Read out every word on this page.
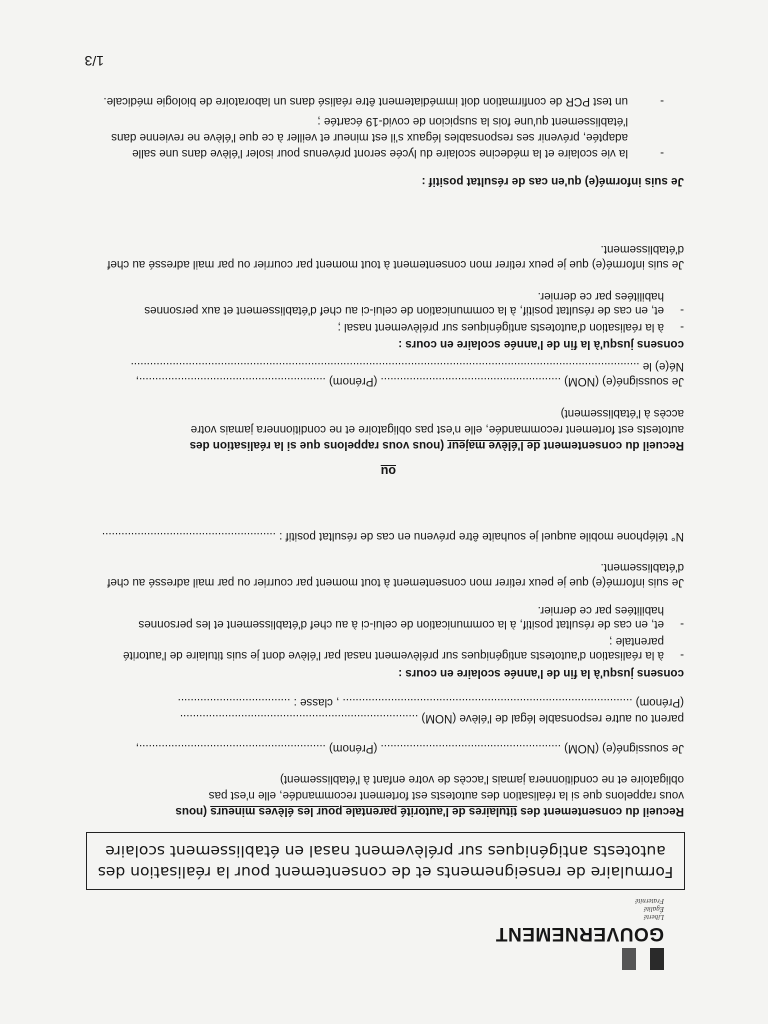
GOUVERNEMENT
Liberté
Égalité
Fraternité
Formulaire de renseignements et de consentement pour la réalisation des
autotests antigéniques sur prélèvement nasal en établissement scolaire
Recueil du consentement des titulaires de l'autorité parentale pour les élèves mineurs (nous
vous rappelons que si la réalisation des autotests est fortement recommandée, elle n'est pas
obligatoire et ne conditionnera jamais l'accès de votre enfant à l'établissement)
Je soussigné(e) (NOM) ........................................................ (Prénom) ..........................................................,
parent ou autre responsable légal de l'élève (NOM) ..........................................................................
(Prénom) .......................................................................................... , classe : ...................................
consens jusqu'à la fin de l'année scolaire en cours :
-
à la réalisation d'autotests antigéniques sur prélèvement nasal par l'élève dont je suis titulaire de l'autorité
parentale ;
-
et, en cas de résultat positif, à la communication de celui-ci à au chef d'établissement et les personnes
habilitées par ce dernier.
Je suis informé(e) que je peux retirer mon consentement à tout moment par courrier ou par mail adressé au chef
d'établissement.
N° téléphone mobile auquel je souhaite être prévenu en cas de résultat positif : ......................................................
ou
Recueil du consentement de l'élève majeur (nous vous rappelons que si la réalisation des
autotests est fortement recommandée, elle n'est pas obligatoire et ne conditionnera jamais votre
accès à l'établissement)
Je soussigné(e) (NOM) ........................................................ (Prénom) ..........................................................,
Né(e) le ..............................................................................................................................................................
consens jusqu'à la fin de l'année scolaire en cours :
-
à la réalisation d'autotests antigéniques sur prélèvement nasal ;
-
et, en cas de résultat positif, à la communication de celui-ci au chef d'établissement et aux personnes
habilitées par ce dernier.
Je suis informé(e) que je peux retirer mon consentement à tout moment par courrier ou par mail adressé au chef
d'établissement.
Je suis informé(e) qu'en cas de résultat positif :
-
la vie scolaire et la médecine scolaire du lycée seront prévenus pour isoler l'élève dans une salle
adaptée, prévenir ses responsables légaux s'il est mineur et veiller à ce que l'élève ne revienne dans
l'établissement qu'une fois la suspicion de covid-19 écartée ;
-
un test PCR de confirmation doit immédiatement être réalisé dans un laboratoire de biologie médicale.
1/3
